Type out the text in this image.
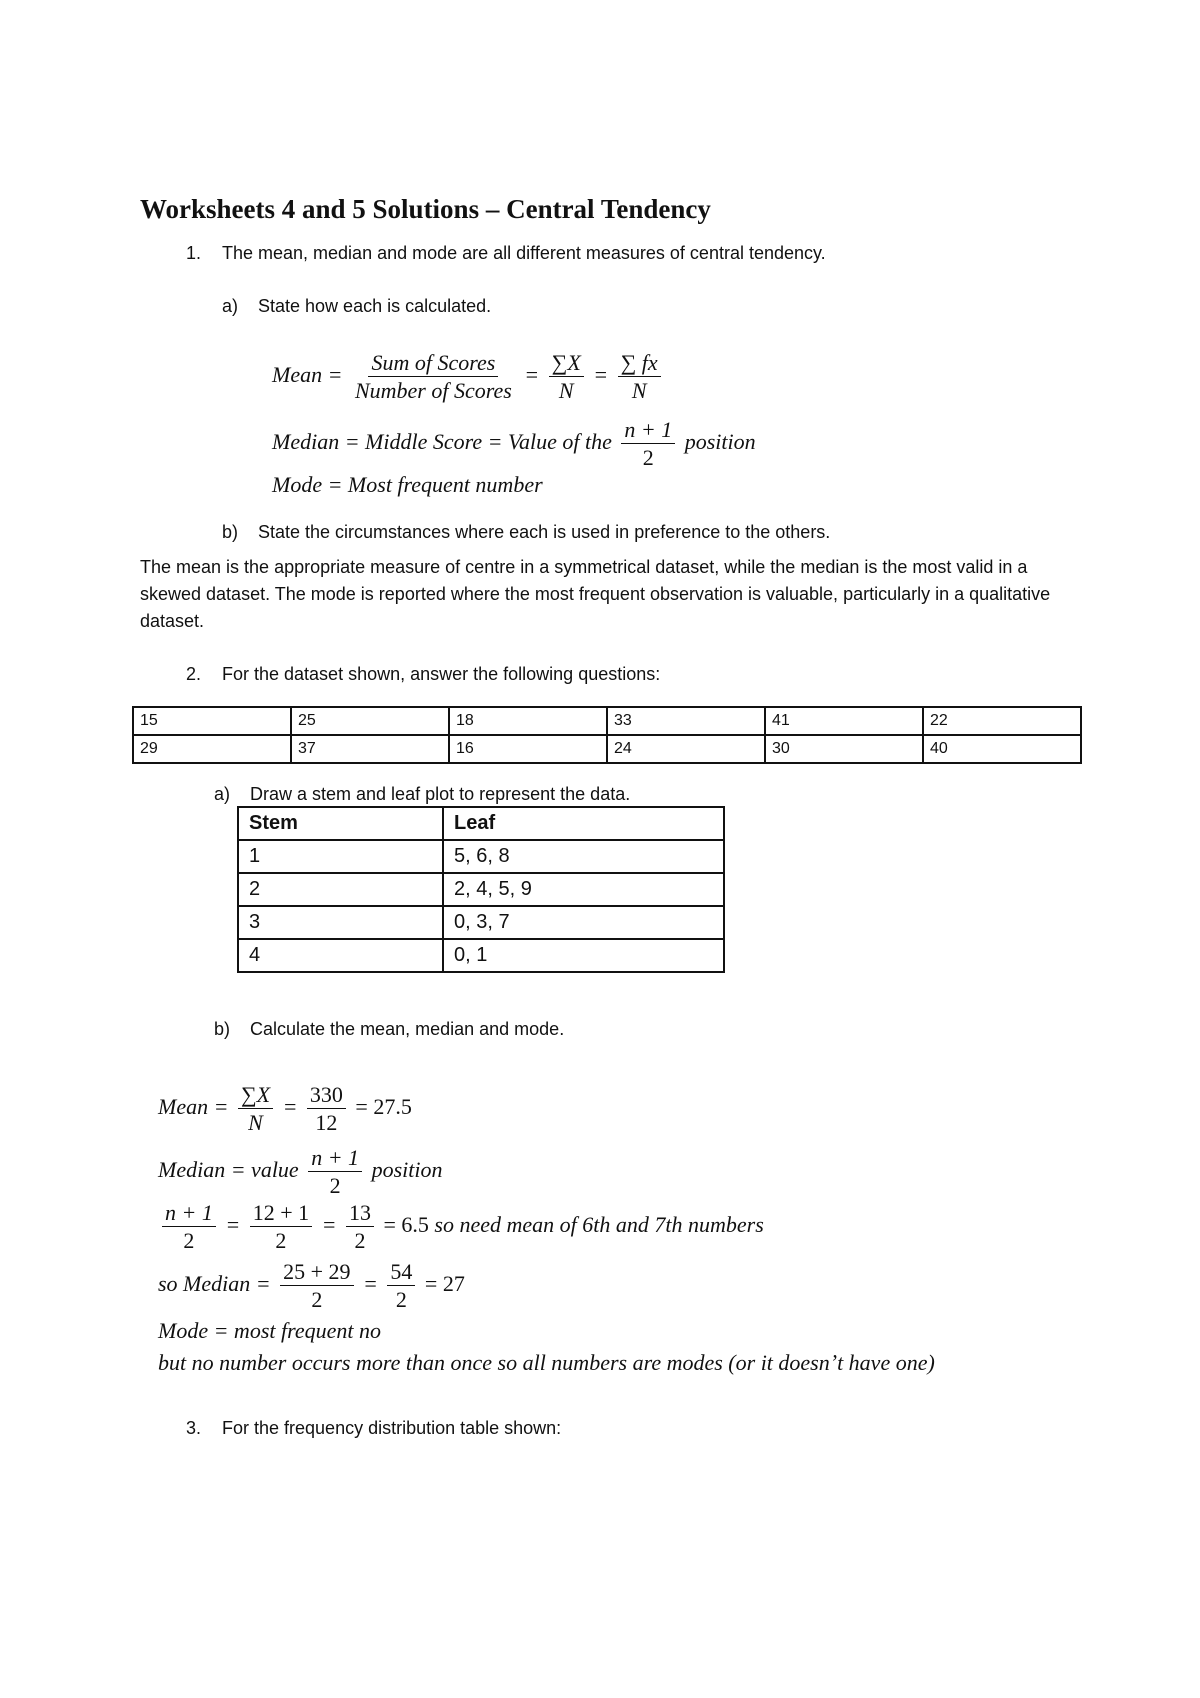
Worksheets 4 and 5 Solutions – Central Tendency
1. The mean, median and mode are all different measures of central tendency.
a) State how each is calculated.
Mean = $\frac{\text{Sum of Scores}}{\text{Number of Scores}} = \frac{\sum X}{N} = \frac{\sum fx}{N}$
Median = Middle Score = Value of the $\frac{n + 1}{2}$ position
Mode = Most frequent number
b) State the circumstances where each is used in preference to the others.
The mean is the appropriate measure of centre in a symmetrical dataset, while the median is the most valid in a skewed dataset. The mode is reported where the most frequent observation is valuable, particularly in a qualitative dataset.
2. For the dataset shown, answer the following questions:
15	25	18	33	41	22
29	37	16	24	30	40
a) Draw a stem and leaf plot to represent the data.
Stem	Leaf
1	5, 6, 8
2	2, 4, 5, 9
3	0, 3, 7
4	0, 1
b) Calculate the mean, median and mode.
Mean = $\frac{\sum X}{N} = \frac{330}{12} = 27.5$
Median = value $\frac{n + 1}{2}$ position
$\frac{n + 1}{2} = \frac{12 + 1}{2} = \frac{13}{2} = 6.5$ so need mean of 6th and 7th numbers
so Median = $\frac{25 + 29}{2} = \frac{54}{2} = 27$
Mode = most frequent no
but no number occurs more than once so all numbers are modes (or it doesnʼt have one)
3. For the frequency distribution table shown:
